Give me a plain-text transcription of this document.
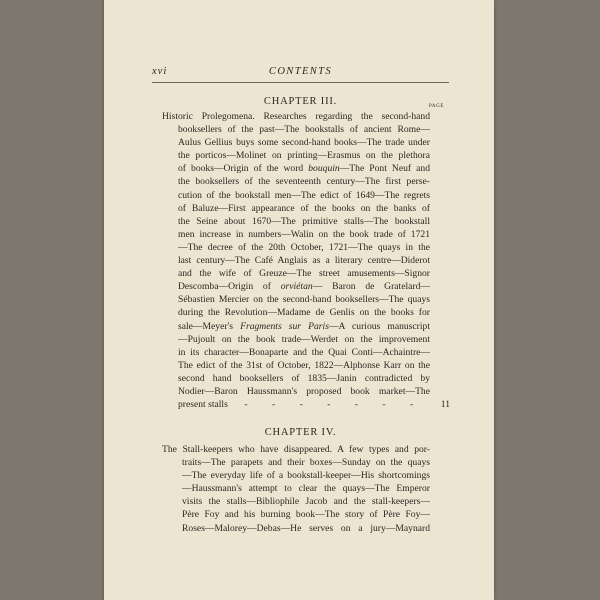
xvi	CONTENTS
CHAPTER III.	PAGE
Historic Prolegomena. Researches regarding the second-hand
booksellers of the past—The bookstalls of ancient Rome—
Aulus Gellius buys some second-hand books—The trade under
the porticos—Molinet on printing—Erasmus on the plethora
of books—Origin of the word bouquin—The Pont Neuf and
the booksellers of the seventeenth century—The first perse-
cution of the bookstall men—The edict of 1649—The regrets
of Baluze—First appearance of the books on the banks of
the Seine about 1670—The primitive stalls—The bookstall
men increase in numbers—Walin on the book trade of 1721
—The decree of the 20th October, 1721—The quays in the
last century—The Café Anglais as a literary centre—Diderot
and the wife of Greuze—The street amusements—Signor
Descomba—Origin of orviétan— Baron de Gratelard—
Sébastien Mercier on the second-hand booksellers—The quays
during the Revolution—Madame de Genlis on the books for
sale—Meyer's Fragments sur Paris—A curious manuscript
—Pujoult on the book trade—Werdet on the improvement
in its character—Bonaparte and the Quai Conti—Achaintre—
The edict of the 31st of October, 1822—Alphonse Karr on the
second hand booksellers of 1835—Janin contradicted by
Nodier—Baron Haussmann's proposed book market—The
present stalls - - - - - - - 11
CHAPTER IV.
The Stall-keepers who have disappeared. A few types and por-
traits—The parapets and their boxes—Sunday on the quays
—The everyday life of a bookstall-keeper—His shortcomings
—Haussmann's attempt to clear the quays—The Emperor
visits the stalls—Bibliophile Jacob and the stall-keepers—
Père Foy and his burning book—The story of Père Foy—
Roses—Malorey—Debas—He serves on a jury—Maynard
